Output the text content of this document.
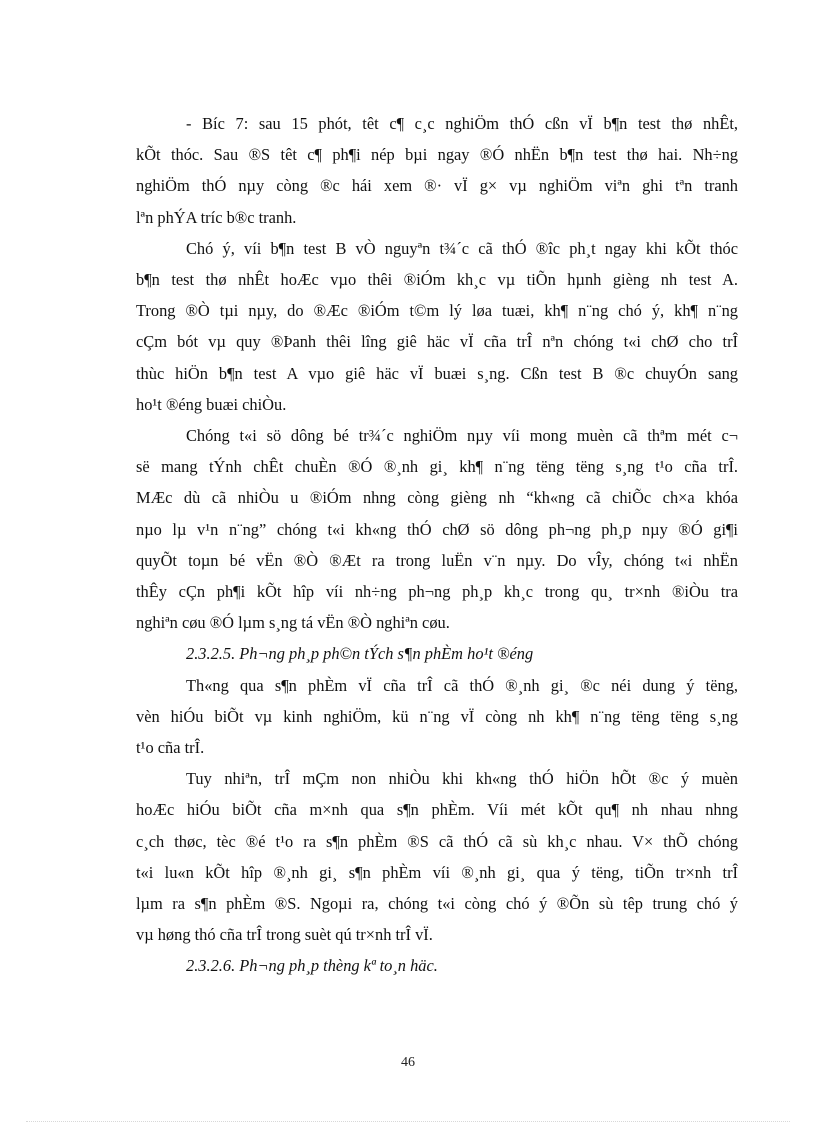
- Bíc 7: sau 15 phót, têt c¶ c¸c nghiÖm thÓ cßn vÏ b¶n test thø nhÊt,
kÕt thóc. Sau ®S têt c¶ ph¶i nép bµi ngay ®Ó nhËn b¶n test thø hai. Nh÷ng
nghiÖm thÓ nµy còng ®c hái xem ®· vÏ g× vµ nghiÖm viªn ghi tªn tranh
lªn phÝA tríc b®c tranh.

Chó ý, víi b¶n test B vÒ nguyªn t¾´c cã thÓ ®îc ph¸t ngay khi kÕt thóc
b¶n test thø nhÊt hoÆc vµo thêi ®iÓm kh¸c vµ tiÕn hµnh gièng nh test A.
Trong ®Ò tµi nµy, do ®Æc ®iÓm t©m lý løa tuæi, kh¶ n¨ng chó ý, kh¶ n¨ng
cÇm bót vµ quy ®Þanh thêi lîng giê häc vÏ cña trÎ nªn chóng t«i chØ cho trÎ
thùc hiÖn b¶n test A vµo giê häc vÏ buæi s¸ng. Cßn test B ®c chuyÓn sang
ho¹t ®éng buæi chiÒu.

Chóng t«i sö dông bé tr¾´c nghiÖm nµy víi mong muèn cã thªm mét c¬
së mang tÝnh chÊt chuÈn ®Ó ®¸nh gi¸ kh¶ n¨ng tëng tëng s¸ng t¹o cña trÎ.
MÆc dù cã nhiÒu u ®iÓm nhng còng gièng nh “kh«ng cã chiÕc ch×a khóa
nµo lµ v¹n n¨ng” chóng t«i kh«ng thÓ chØ sö dông ph¬ng ph¸p nµy ®Ó gi¶i
quyÕt toµn bé vËn ®Ò ®Æt ra trong luËn v¨n nµy. Do vÎy, chóng t«i nhËn
thÊy cÇn ph¶i kÕt hîp víi nh÷ng ph¬ng ph¸p kh¸c trong qu¸ tr×nh ®iÒu tra
nghiªn cøu ®Ó lµm s¸ng tá vËn ®Ò nghiªn cøu.

2.3.2.5. Ph¬ng ph¸p ph©n tÝch s¶n phÈm ho¹t ®éng

Th«ng qua s¶n phÈm vÏ cña trÎ cã thÓ ®¸nh gi¸ ®c néi dung ý tëng,
vèn hiÓu biÕt vµ kinh nghiÖm, kü n¨ng vÏ còng nh kh¶ n¨ng tëng tëng s¸ng
t¹o cña trÎ.

Tuy nhiªn, trÎ mÇm non nhiÒu khi kh«ng thÓ hiÖn hÕt ®c ý muèn
hoÆc hiÓu biÕt cña m×nh qua s¶n phÈm. Víi mét kÕt qu¶ nh nhau nhng
c¸ch thøc, tèc ®é t¹o ra s¶n phÈm ®S cã thÓ cã sù kh¸c nhau. V× thÕ chóng
t«i lu«n kÕt hîp ®¸nh gi¸ s¶n phÈm víi ®¸nh gi¸ qua ý tëng, tiÕn tr×nh trÎ
lµm ra s¶n phÈm ®S. Ngoµi ra, chóng t«i còng chó ý ®Õn sù têp trung chó ý
vµ høng thó cña trÎ trong suèt qú tr×nh trÎ vÏ.

2.3.2.6. Ph¬ng ph¸p thèng kª to¸n häc.

46
